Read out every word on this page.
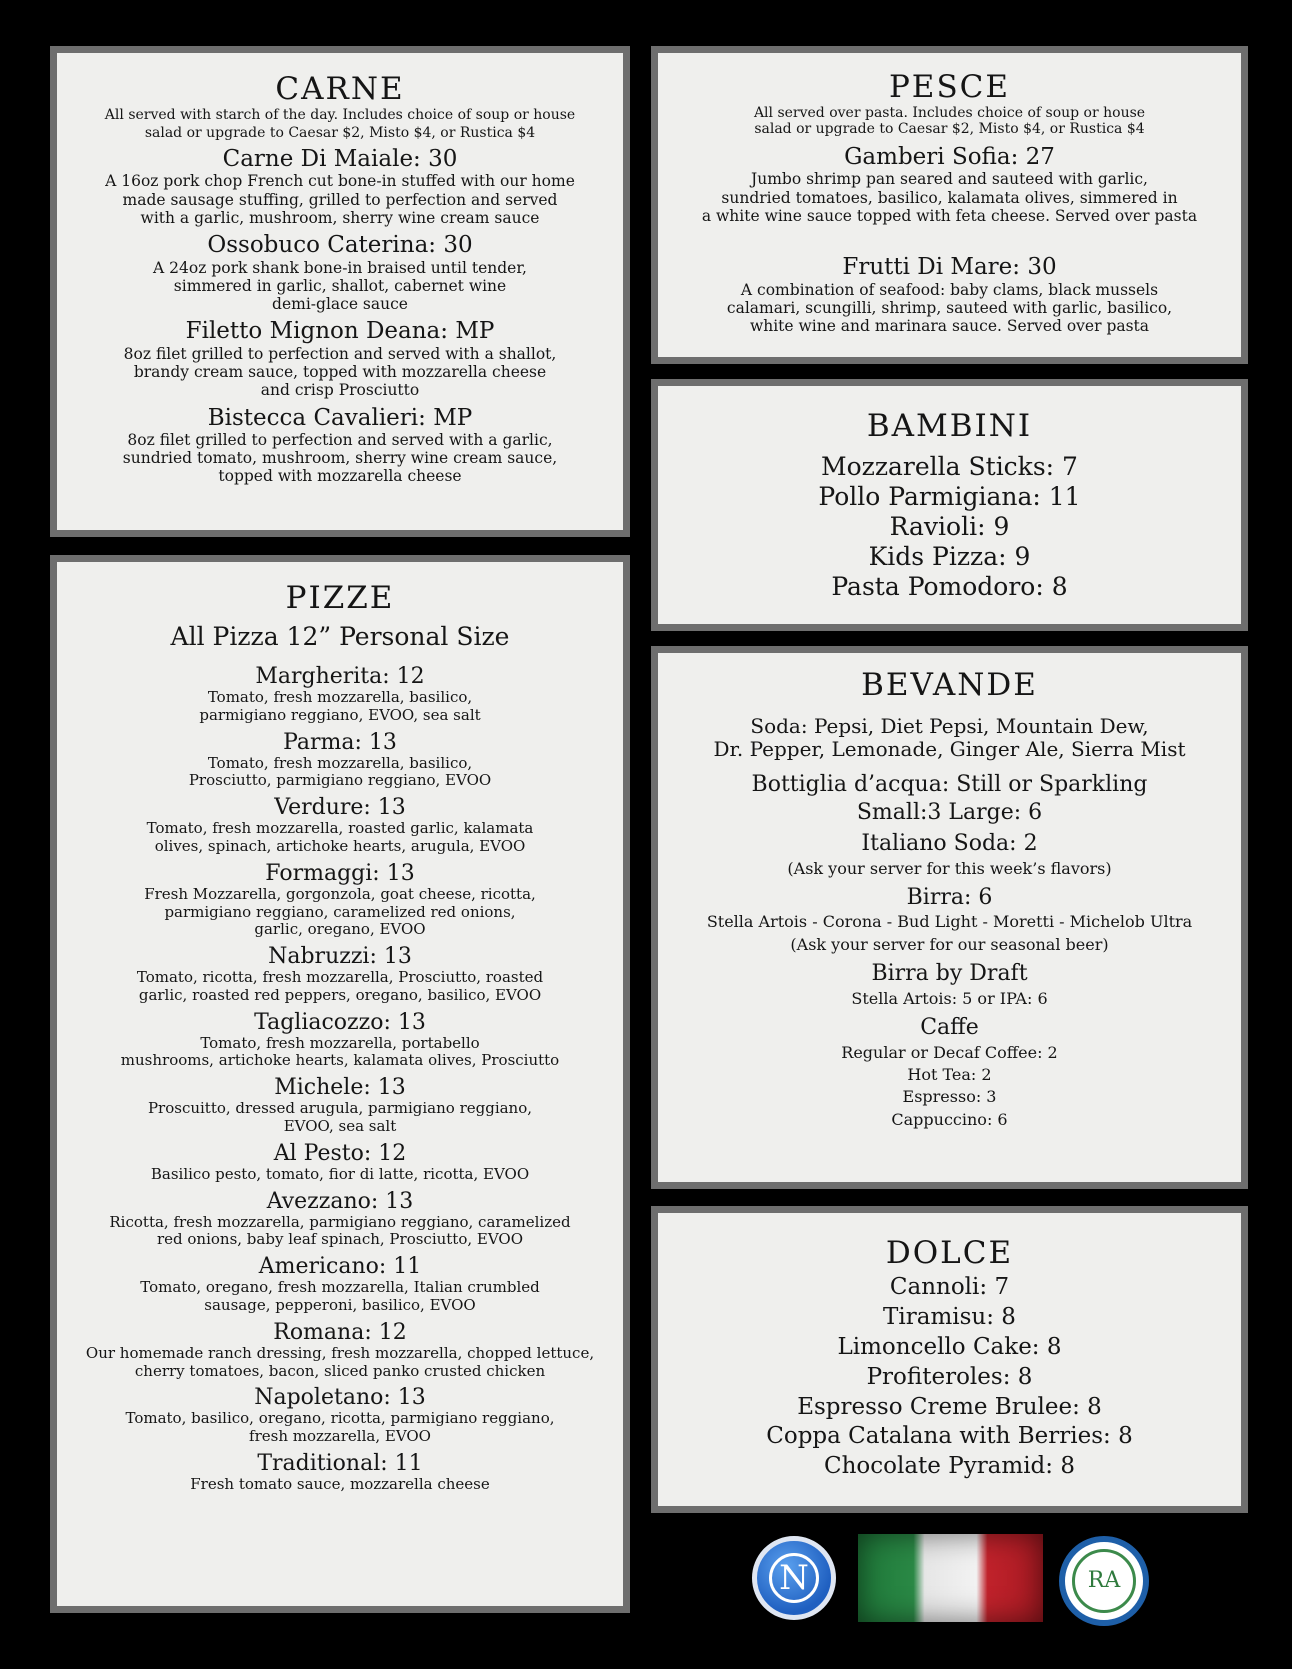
CARNE

All served with starch of the day. Includes choice of soup or house

salad or upgrade to Caesar $2, Misto $4, or Rustica $4

Carne Di Maiale: 30

A 16oz pork chop French cut bone-in stuffed with our home

made sausage stuffing, grilled to perfection and served

with a garlic, mushroom, sherry wine cream sauce

Ossobuco Caterina: 30

A 24oz pork shank bone-in braised until tender,

simmered in garlic, shallot, cabernet wine

demi-glace sauce

Filetto Mignon Deana: MP

8oz filet grilled to perfection and served with a shallot,

brandy cream sauce, topped with mozzarella cheese

and crisp Prosciutto

Bistecca Cavalieri: MP

8oz filet grilled to perfection and served with a garlic,

sundried tomato, mushroom, sherry wine cream sauce,

topped with mozzarella cheese

PESCE

All served over pasta. Includes choice of soup or house

salad or upgrade to Caesar $2, Misto $4, or Rustica $4

Gamberi Sofia: 27

Jumbo shrimp pan seared and sauteed with garlic,

sundried tomatoes, basilico, kalamata olives, simmered in

a white wine sauce topped with feta cheese. Served over pasta

Frutti Di Mare: 30

A combination of seafood: baby clams, black mussels

calamari, scungilli, shrimp, sauteed with garlic, basilico,

white wine and marinara sauce. Served over pasta

BAMBINI

Mozzarella Sticks: 7

Pollo Parmigiana: 11

Ravioli: 9

Kids Pizza: 9

Pasta Pomodoro: 8

BEVANDE

Soda: Pepsi, Diet Pepsi, Mountain Dew,

Dr. Pepper, Lemonade, Ginger Ale, Sierra Mist

Bottiglia d’acqua: Still or Sparkling

Small:3 Large: 6

Italiano Soda: 2

(Ask your server for this week’s flavors)

Birra: 6

Stella Artois - Corona - Bud Light - Moretti - Michelob Ultra

(Ask your server for our seasonal beer)

Birra by Draft

Stella Artois: 5 or IPA: 6

Caffe

Regular or Decaf Coffee: 2

Hot Tea: 2

Espresso: 3

Cappuccino: 6

DOLCE

Cannoli: 7

Tiramisu: 8

Limoncello Cake: 8

Profiteroles: 8

Espresso Creme Brulee: 8

Coppa Catalana with Berries: 8

Chocolate Pyramid: 8

PIZZE

All Pizza 12” Personal Size

Margherita: 12

Tomato, fresh mozzarella, basilico,

parmigiano reggiano, EVOO, sea salt

Parma: 13

Tomato, fresh mozzarella, basilico,

Prosciutto, parmigiano reggiano, EVOO

Verdure: 13

Tomato, fresh mozzarella, roasted garlic, kalamata

olives, spinach, artichoke hearts, arugula, EVOO

Formaggi: 13

Fresh Mozzarella, gorgonzola, goat cheese, ricotta,

parmigiano reggiano, caramelized red onions,

garlic, oregano, EVOO

Nabruzzi: 13

Tomato, ricotta, fresh mozzarella, Prosciutto, roasted

garlic, roasted red peppers, oregano, basilico, EVOO

Tagliacozzo: 13

Tomato, fresh mozzarella, portabello

mushrooms, artichoke hearts, kalamata olives, Prosciutto

Michele: 13

Proscuitto, dressed arugula, parmigiano reggiano,

EVOO, sea salt

Al Pesto: 12

Basilico pesto, tomato, fior di latte, ricotta, EVOO

Avezzano: 13

Ricotta, fresh mozzarella, parmigiano reggiano, caramelized

red onions, baby leaf spinach, Prosciutto, EVOO

Americano: 11

Tomato, oregano, fresh mozzarella, Italian crumbled

sausage, pepperoni, basilico, EVOO

Romana: 12

Our homemade ranch dressing, fresh mozzarella, chopped lettuce,

cherry tomatoes, bacon, sliced panko crusted chicken

Napoletano: 13

Tomato, basilico, oregano, ricotta, parmigiano reggiano,

fresh mozzarella, EVOO

Traditional: 11

Fresh tomato sauce, mozzarella cheese

N	RA
